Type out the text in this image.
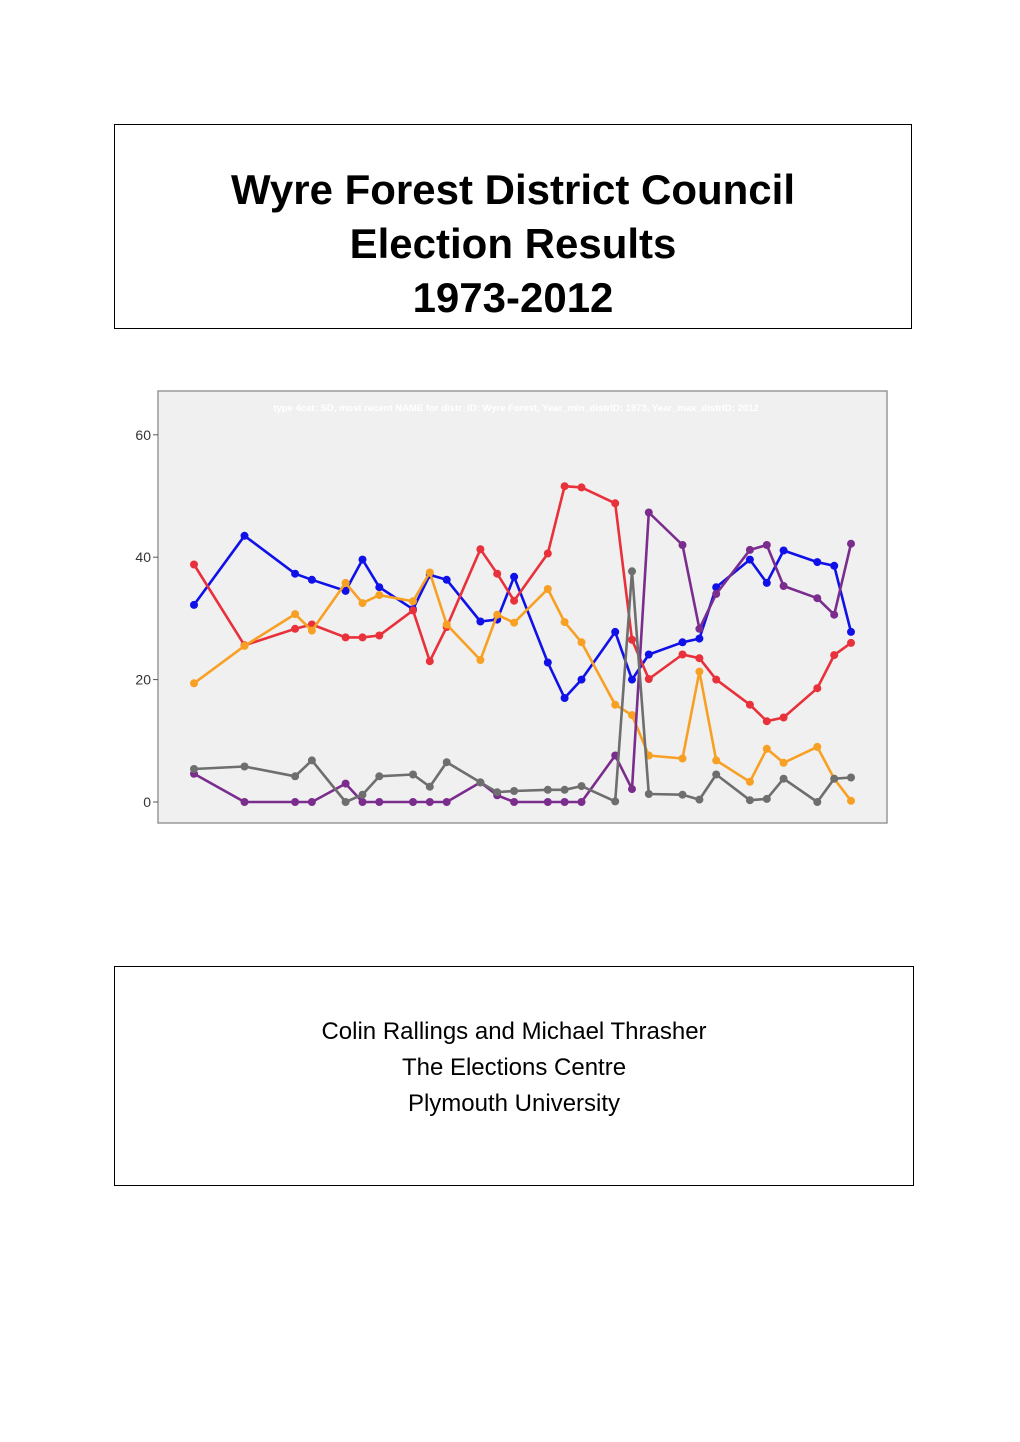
Wyre Forest District Council
Election Results
1973-2012
type 4cat: SD, most recent NAME for distr_ID: Wyre Forest, Year_min_distrID: 1973, Year_max_distrID: 2012
0
20
40
60
Colin Rallings and Michael Thrasher
The Elections Centre
Plymouth University
